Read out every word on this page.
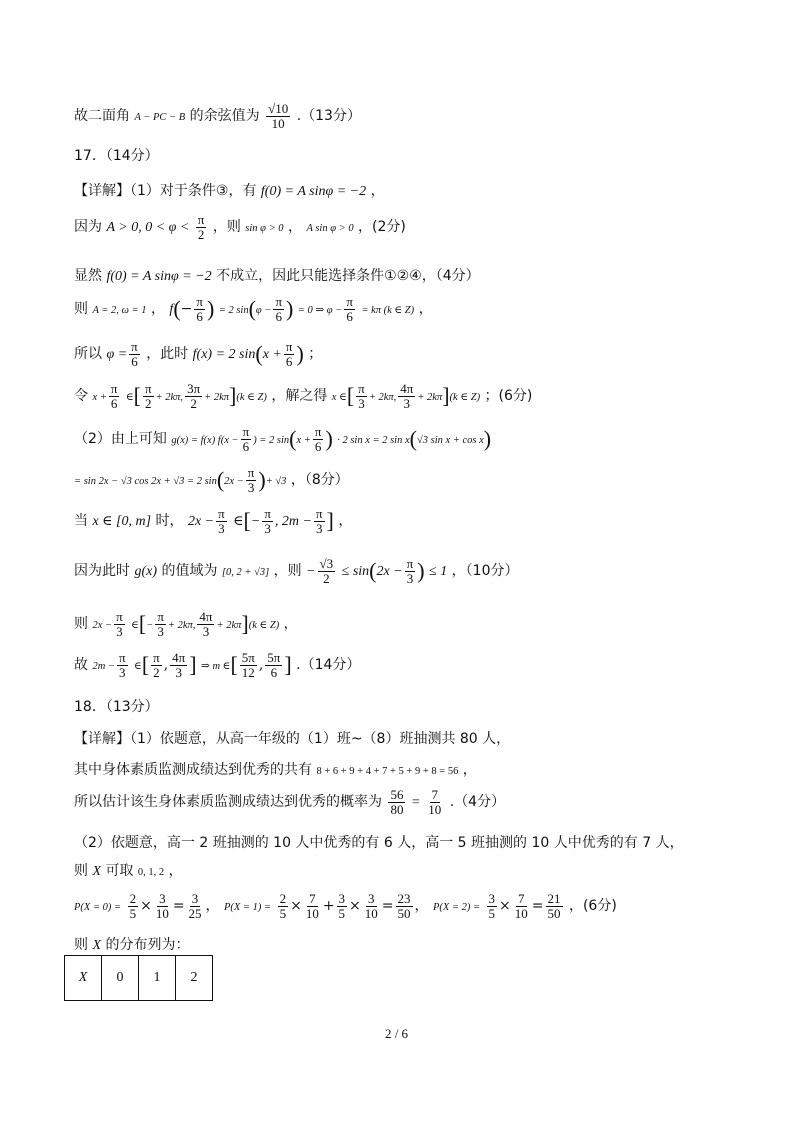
故二面角 A − PC − B 的余弦值为 $\frac{√10}{10} .(13$分）
17．（14分）
【详解】（1）对于条件③，有 f(0) = A sinφ = −2 ，
因为 A > 0, $0 < \varphi < \frac{\pi}{2}$ ，则 sin φ > 0 ， A sin φ > 0 ，(2分)
显然 f(0) = A sinφ = −2 不成立，因此只能选择条件①②④，（4分）
则 A = 2, ω = 1 ， $f(- \frac{\pi}{6}$ ) = 2 $\sin(\varphi - \frac{\pi}{6}$ ) = 0 ⇒ $\varphi - \frac{\pi}{6} = k\pi$ (k ∈ Z) ，
所以 $\varphi = \frac{\pi}{6}$ ，此时 f(x) = 2 $\sin(x + \frac{\pi}{6}$ ) ；
令 $x + \frac{\pi}{6}$ ∈[ $\frac{\pi}{2} + 2k\pi$, $\frac{3\pi}{2} + 2k\pi](k$ ∈ Z) ，解之得 x ∈[ $\frac{\pi}{3} + 2k\pi$, $\frac{4\pi}{3} + 2k\pi](k$ ∈ Z) ；(6分)
（2）由上可知 g(x) = f(x) $f(x - \frac{\pi}{6}$ ) = 2 $\sin(x + \frac{\pi}{6}$ ) · 2 sin x = 2 sin x(√3 sin x + cos x)
= sin 2x − √3 cos 2x + √3 = 2 $\sin(2x - \frac{\pi}{3}$ )+ √3 ，（8分）
当 x ∈ [0, m] 时， $2x - \frac{\pi}{3}$ ∈[− $\frac{\pi}{3}$ , $2m - \frac{\pi}{3}$ ] ，
因为此时 g(x) 的值域为 [0, 2 + √3] ，则 − $\frac{√3}{2} \le \sin(2x - \frac{\pi}{3}$ ) ≤ 1 ，（10分）
则 $2x - \frac{\pi}{3}$ ∈[− $\frac{\pi}{3} + 2k\pi$, $\frac{4\pi}{3} + 2k\pi](k$ ∈ Z) ，
故 $2m - \frac{\pi}{3}$ ∈[ $\frac{\pi}{2}$ , $\frac{4\pi}{3}$ ] ⇒ m ∈[ $\frac{5\pi}{12}$ , $\frac{5\pi}{6}$ ] .（14分）
18．（13分）
【详解】（1）依题意，从高一年级的（1）班~（8）班抽测共 80 人，
其中身体素质监测成绩达到优秀的共有 8 + 6 + 9 + 4 + 7 + 5 + 9 + 8 = 56 ，
所以估计该生身体素质监测成绩达到优秀的概率为 $\frac{56}{80} = \frac{7}{10} .(4$分）
（2）依题意，高一 2 班抽测的 10 人中优秀的有 6 人，高一 5 班抽测的 10 人中优秀的有 7 人，
则 X 可取 0, 1, 2 ，
$P(X = 0) = \frac{2}{5} \times \frac{3}{10} = \frac{3}{25}$ ， $P(X = 1) = \frac{2}{5} \times \frac{7}{10} + \frac{3}{5} \times \frac{3}{10} = \frac{23}{50}$ ， $P(X = 2) = \frac{3}{5} \times \frac{7}{10} = \frac{21}{50}$ ，(6分)
则 X 的分布列为：
X	0	1	2
2 / 6
